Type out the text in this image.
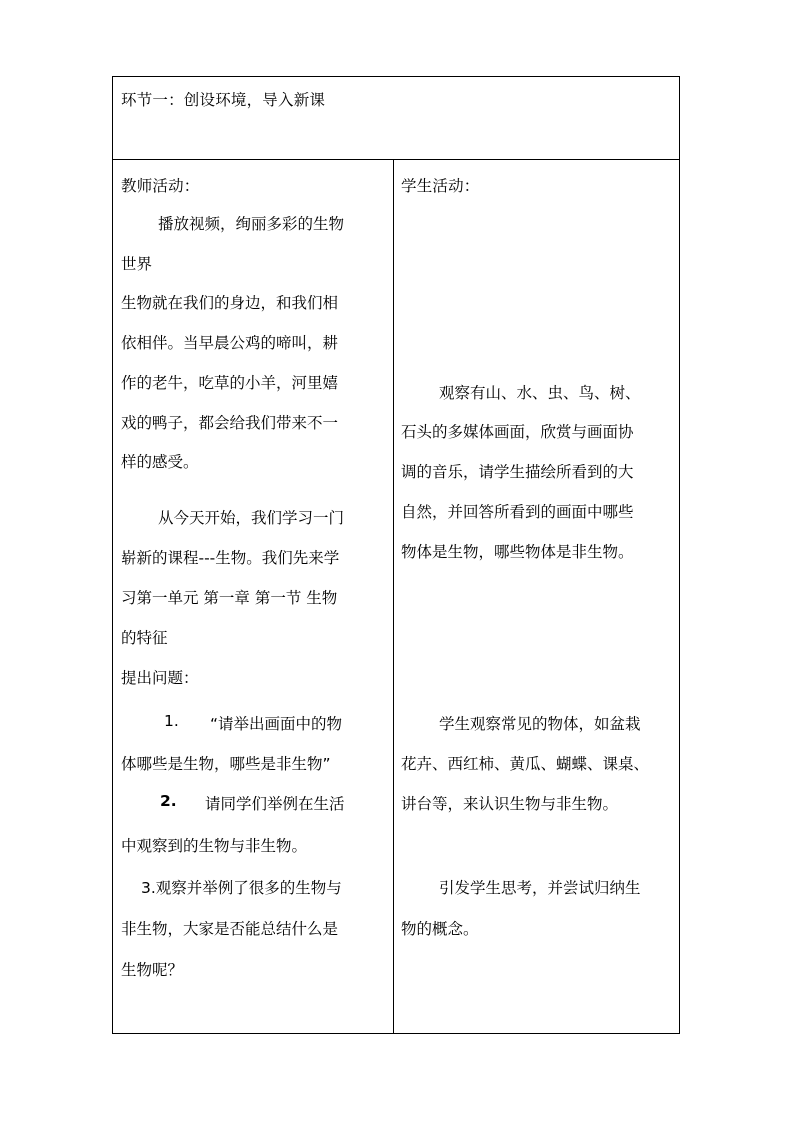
环节一：创设环境，导入新课
教师活动：
播放视频，绚丽多彩的生物
世界
生物就在我们的身边，和我们相
依相伴。当早晨公鸡的啼叫，耕
作的老牛，吃草的小羊，河里嬉
戏的鸭子，都会给我们带来不一
样的感受。
从今天开始，我们学习一门
崭新的课程---生物。我们先来学
习第一单元 第一章 第一节 生物
的特征
提出问题：
1. “请举出画面中的物
体哪些是生物，哪些是非生物”
2. 请同学们举例在生活
中观察到的生物与非生物。
3.观察并举例了很多的生物与
非生物，大家是否能总结什么是
生物呢？
学生活动：
观察有山、水、虫、鸟、树、
石头的多媒体画面，欣赏与画面协
调的音乐，请学生描绘所看到的大
自然，并回答所看到的画面中哪些
物体是生物，哪些物体是非生物。
学生观察常见的物体，如盆栽
花卉、西红柿、黄瓜、蝴蝶、课桌、
讲台等，来认识生物与非生物。
引发学生思考，并尝试归纳生
物的概念。
